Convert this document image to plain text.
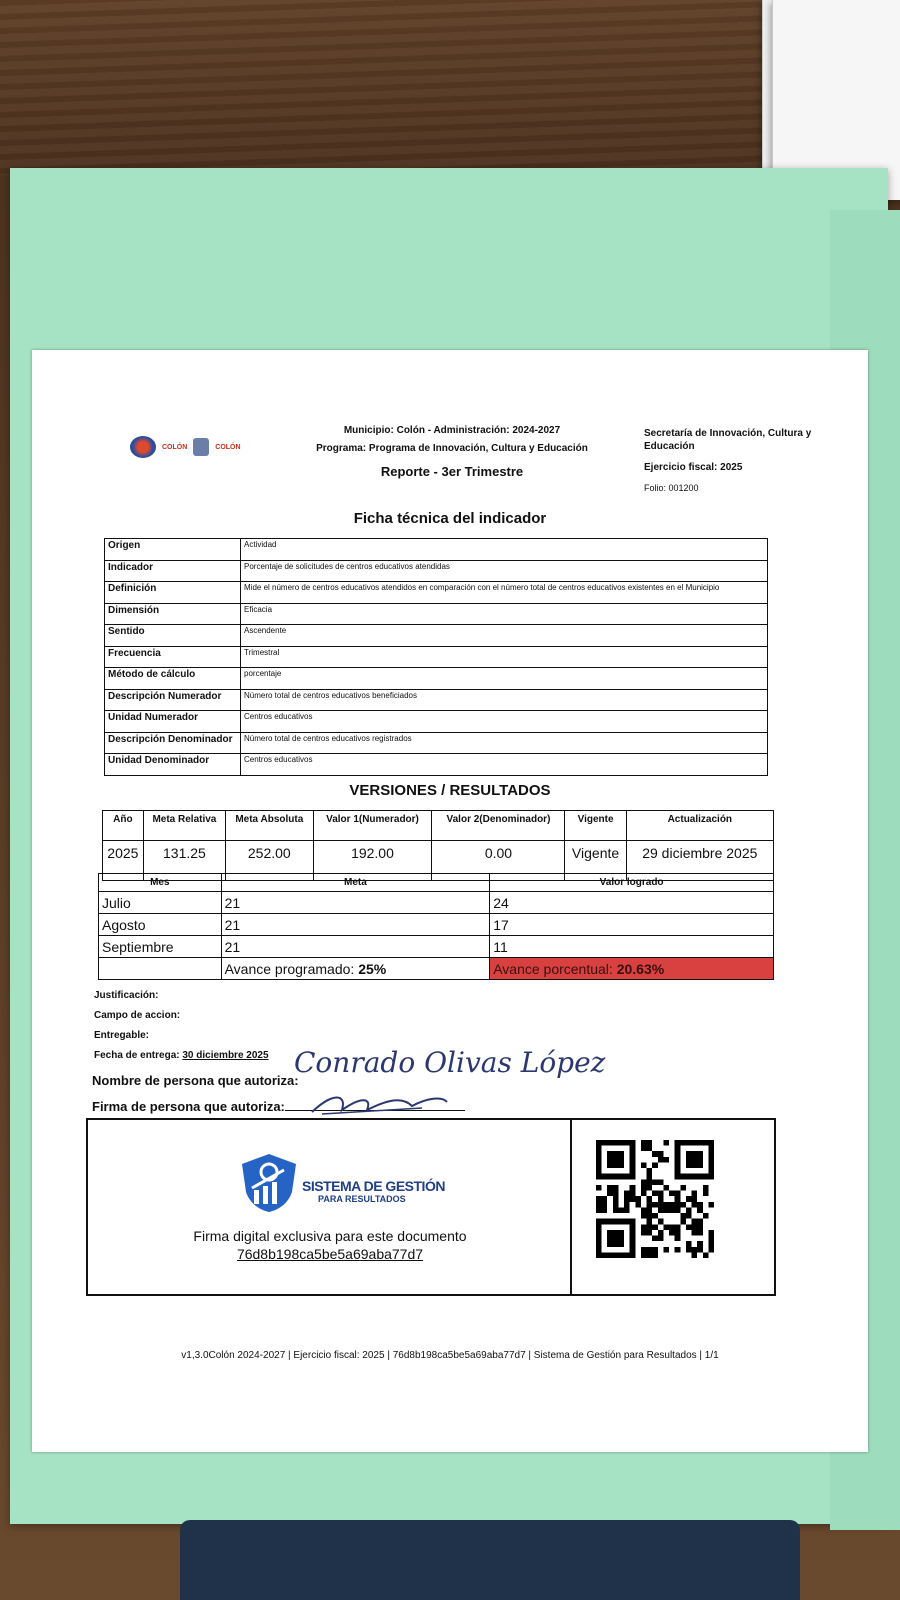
COLÓN	COLÓN
Municipio: Colón - Administración: 2024-2027
Programa: Programa de Innovación, Cultura y Educación
Reporte - 3er Trimestre
Secretaría de Innovación, Cultura y Educación
Ejercicio fiscal: 2025
Folio: 001200
Ficha técnica del indicador
Origen	Actividad
Indicador	Porcentaje de solicitudes de centros educativos atendidas
Definición	Mide el número de centros educativos atendidos en comparación con el número total de centros educativos existentes en el Municipio
Dimensión	Eficacia
Sentido	Ascendente
Frecuencia	Trimestral
Método de cálculo	porcentaje
Descripción Numerador	Número total de centros educativos beneficiados
Unidad Numerador	Centros educativos
Descripción Denominador	Número total de centros educativos registrados
Unidad Denominador	Centros educativos
VERSIONES / RESULTADOS
Año	Meta Relativa	Meta Absoluta	Valor 1(Numerador)	Valor 2(Denominador)	Vigente	Actualización
2025	131.25	252.00	192.00	0.00	Vigente	29 diciembre 2025
Mes	Meta	Valor logrado
Julio	21	24
Agosto	21	17
Septiembre	21	11
	Avance programado: 25%	Avance porcentual: 20.63%
Justificación:
Campo de accion:
Entregable:
Fecha de entrega: 30 diciembre 2025
Nombre de persona que autoriza:
Firma de persona que autoriza:
Conrado Olivas López
SISTEMA DE GESTIÓN
PARA RESULTADOS
Firma digital exclusiva para este documento
76d8b198ca5be5a69aba77d7
v1,3.0Colón 2024-2027 | Ejercicio fiscal: 2025 | 76d8b198ca5be5a69aba77d7 | Sistema de Gestión para Resultados | 1/1
